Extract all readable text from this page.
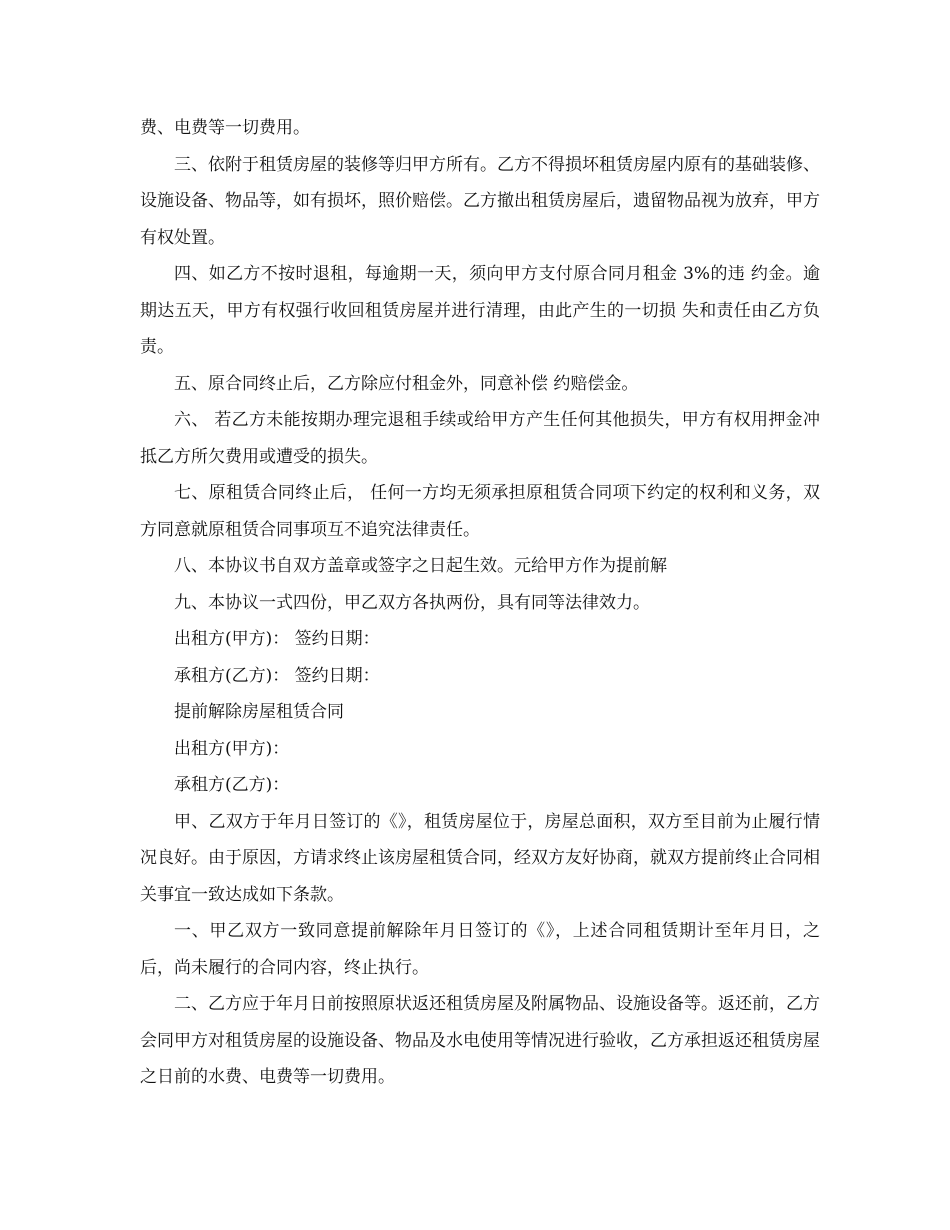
费、电费等一切费用。

三、依附于租赁房屋的装修等归甲方所有。乙方不得损坏租赁房屋内原有的基础装修、设施设备、物品等，如有损坏，照价赔偿。乙方撤出租赁房屋后，遗留物品视为放弃，甲方有权处置。

四、如乙方不按时退租，每逾期一天，须向甲方支付原合同月租金 3%的违 约金。逾期达五天，甲方有权强行收回租赁房屋并进行清理，由此产生的一切损 失和责任由乙方负责。

五、原合同终止后，乙方除应付租金外，同意补偿 约赔偿金。

六、 若乙方未能按期办理完退租手续或给甲方产生任何其他损失，甲方有权用押金冲抵乙方所欠费用或遭受的损失。

七、原租赁合同终止后， 任何一方均无须承担原租赁合同项下约定的权利和义务，双方同意就原租赁合同事项互不追究法律责任。

八、本协议书自双方盖章或签字之日起生效。元给甲方作为提前解

九、本协议一式四份，甲乙双方各执两份，具有同等法律效力。

出租方(甲方)： 签约日期：

承租方(乙方)： 签约日期：

提前解除房屋租赁合同

出租方(甲方)：

承租方(乙方)：

甲、乙双方于年月日签订的《》，租赁房屋位于，房屋总面积，双方至目前为止履行情况良好。由于原因，方请求终止该房屋租赁合同，经双方友好协商，就双方提前终止合同相关事宜一致达成如下条款。

一、甲乙双方一致同意提前解除年月日签订的《》，上述合同租赁期计至年月日，之后，尚未履行的合同内容，终止执行。

二、乙方应于年月日前按照原状返还租赁房屋及附属物品、设施设备等。返还前，乙方会同甲方对租赁房屋的设施设备、物品及水电使用等情况进行验收，乙方承担返还租赁房屋之日前的水费、电费等一切费用。
